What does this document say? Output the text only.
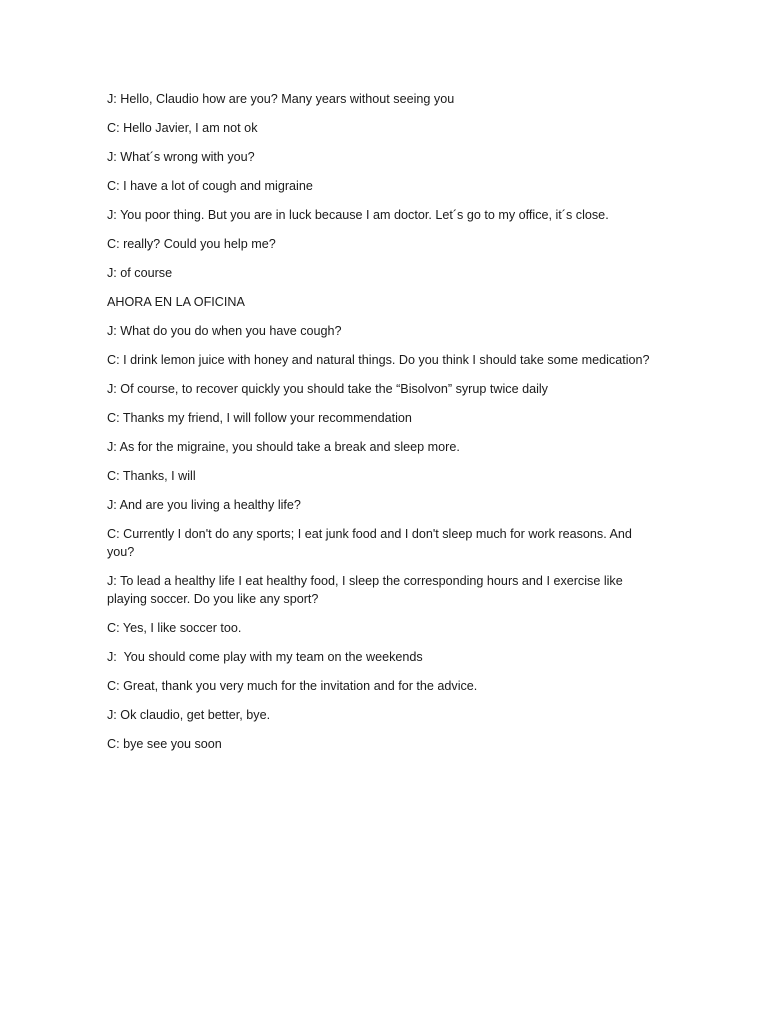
J: Hello, Claudio how are you? Many years without seeing you

C: Hello Javier, I am not ok

J: What´s wrong with you?

C: I have a lot of cough and migraine

J: You poor thing. But you are in luck because I am doctor. Let´s go to my office, it´s close.

C: really? Could you help me?

J: of course

AHORA EN LA OFICINA

J: What do you do when you have cough?

C: I drink lemon juice with honey and natural things. Do you think I should take some medication?

J: Of course, to recover quickly you should take the “Bisolvon” syrup twice daily

C: Thanks my friend, I will follow your recommendation

J: As for the migraine, you should take a break and sleep more.

C: Thanks, I will

J: And are you living a healthy life?

C: Currently I don't do any sports; I eat junk food and I don't sleep much for work reasons. And you?

J: To lead a healthy life I eat healthy food, I sleep the corresponding hours and I exercise like playing soccer. Do you like any sport?

C: Yes, I like soccer too.

J:  You should come play with my team on the weekends

C: Great, thank you very much for the invitation and for the advice.

J: Ok claudio, get better, bye.

C: bye see you soon
